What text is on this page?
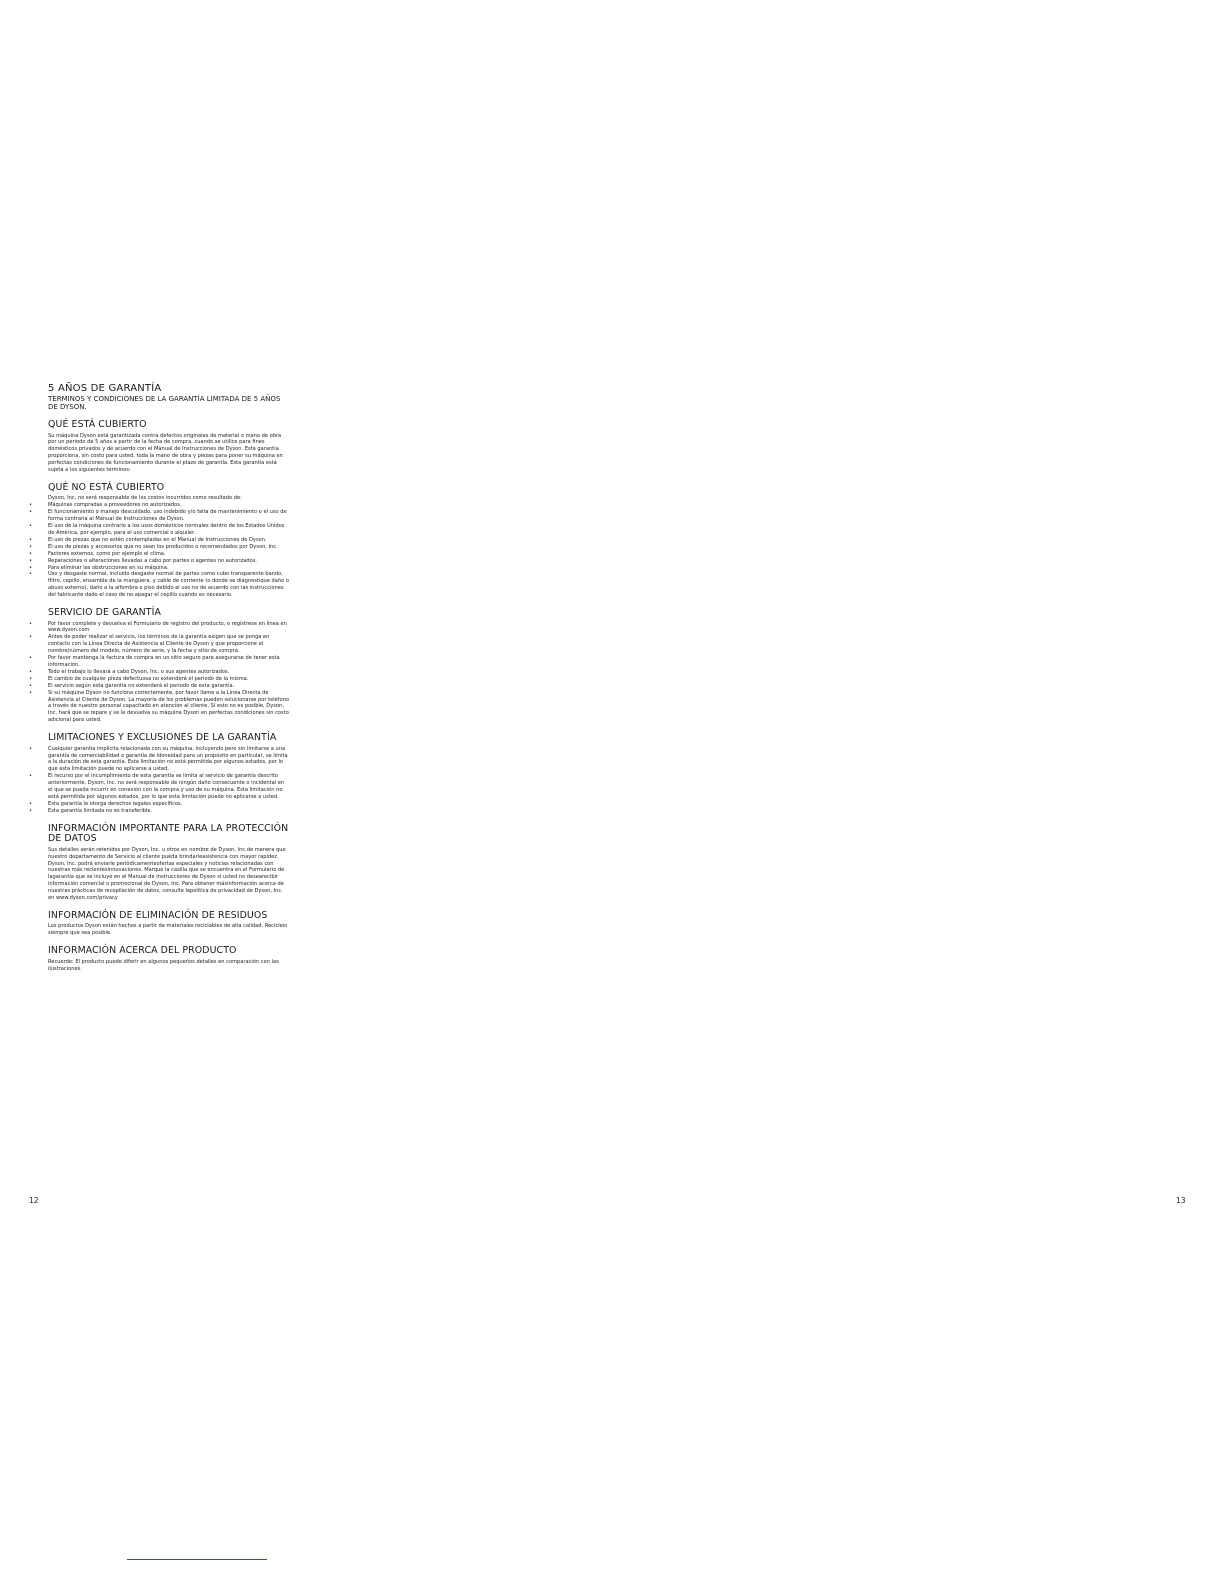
5 AÑOS DE GARANTÍA
TERMINOS Y CONDICIONES DE LA GARANTÍA LIMITADA DE 5 AÑOS DE DYSON.
QUÉ ESTÁ CUBIERTO

Su máquina Dyson está garantizada contra defectos originales de material o mano de obra por un periodo de 5 años a partir de la fecha de compra, cuando se utilice para fines domésticos privados y de acuerdo con el Manual de Instrucciones de Dyson. Esta garantía proporciona, sin costo para usted, toda la mano de obra y piezas para poner su máquina en perfectas condiciones de funcionamiento durante el plazo de garantía. Esta garantía está sujeta a los siguientes términos:

QUÉ NO ESTÁ CUBIERTO

Dyson, Inc. no será responsable de los costos incurridos como resultado de:

•	Máquinas compradas a proveedores no autorizados.
•	El funcionamiento o manejo descuidado, uso indebido y/o falta de mantenimiento o el uso de forma contraria al Manual de Instrucciones de Dyson.
•	El uso de la máquina contrario a los usos domésticos normales dentro de los Estados Unidos de América, por ejemplo, para el uso comercial o alquiler.
•	El uso de piezas que no estén contempladas en el Manual de Instrucciones de Dyson.
•	El uso de piezas y accesorios que no sean los producidos o recomendados por Dyson, Inc.
•	Factores externos, como por ejemplo el clima.
•	Reparaciones o alteraciones llevadas a cabo por partes o agentes no autorizados.
•	Para eliminar las obstrucciones en su máquina.
•	Uso y desgaste normal, incluido desgaste normal de partes como cubo transparente bando, filtro, cepillo, ensamble de la manguera, y cable de corriente (o donde se diagnostique daño o abuso externo), daño a la alfombra o piso debido al uso no de acuerdo con las instrucciones del fabricante dado el caso de no apagar el cepillo cuando es necesario.
SERVICIO DE GARANTÍA
•	Por favor complete y devuelva el Formulario de registro del producto, o regístrese en línea en www.dyson.com
•	Antes de poder realizar el servicio, los términos de la garantía exigen que se ponga en contacto con la Línea Directa de Asistencia al Cliente de Dyson y que proporcione el nombre/número del modelo, número de serie, y la fecha y sitio de compra.
•	Por favor mantenga la factura de compra en un sitio seguro para asegurarse de tener esta información.
•	Todo el trabajo lo llevará a cabo Dyson, Inc. o sus agentes autorizados.
•	El cambio de cualquier pieza defectuosa no extenderá el periodo de la misma.
•	El servicio según esta garantía no extenderá el periodo de esta garantía.
•	Si su máquina Dyson no funciona correctamente, por favor llame a la Línea Directa de Asistencia al Cliente de Dyson. La mayoría de los problemas pueden solucionarse por teléfono a través de nuestro personal capacitado en atención al cliente. Si esto no es posible, Dyson, Inc. hará que se repare y se le devuelva su máquina Dyson en perfectas condiciones sin costo adicional para usted.
LIMITACIONES Y EXCLUSIONES DE LA GARANTÍA
•	Cualquier garantía implícita relacionada con su máquina, incluyendo pero sin limitarse a una garantía de comerciabilidad o garantía de idoneidad para un propósito en particular, se limita a la duración de esta garantía. Esta limitación no está permitida por algunos estados, por lo que esta limitación puede no aplicarse a usted.
•	El recurso por el incumplimiento de esta garantía se limita al servicio de garantía descrito anteriormente. Dyson, Inc. no será responsable de ningún daño consecuente o incidental en el que se pueda incurrir en conexión con la compra y uso de su máquina. Esta limitación no está permitida por algunos estados, por lo que esta limitación puede no aplicarse a usted.
•	Esta garantía le otorga derechos legales específicos.
•	Esta garantía limitada no es transferible.
INFORMACIÓN IMPORTANTE PARA LA PROTECCIÓN DE DATOS

Sus detalles serán retenidos por Dyson, Inc. u otros en nombre de Dyson, Inc.de manera que nuestro departamento de Servicio al cliente pueda brindarleasistencia con mayor rapidez. Dyson, Inc. podrá enviarle periódicamenteofertas especiales y noticias relacionadas con nuestras más recientesinnovaciones. Marque la casilla que se encuentra en el Formulario de lagarantía que se incluye en el Manual de Instrucciones de Dyson si usted no desearecibir información comercial o promocional de Dyson, Inc. Para obtener másinformación acerca de nuestras prácticas de recopilación de datos, consulte lapolítica de privacidad de Dyson, Inc. en www.dyson.com/privacy

INFORMACIÓN DE ELIMINACIÓN DE RESIDUOS

Los productos Dyson están hechos a partir de materiales reciclables de alta calidad. Recíclelo siempre que sea posible.

INFORMACIÓN ACERCA DEL PRODUCTO

Recuerde: El producto puede diferir en algunos pequeños detalles en comparación con las ilustraciones.

12	13
